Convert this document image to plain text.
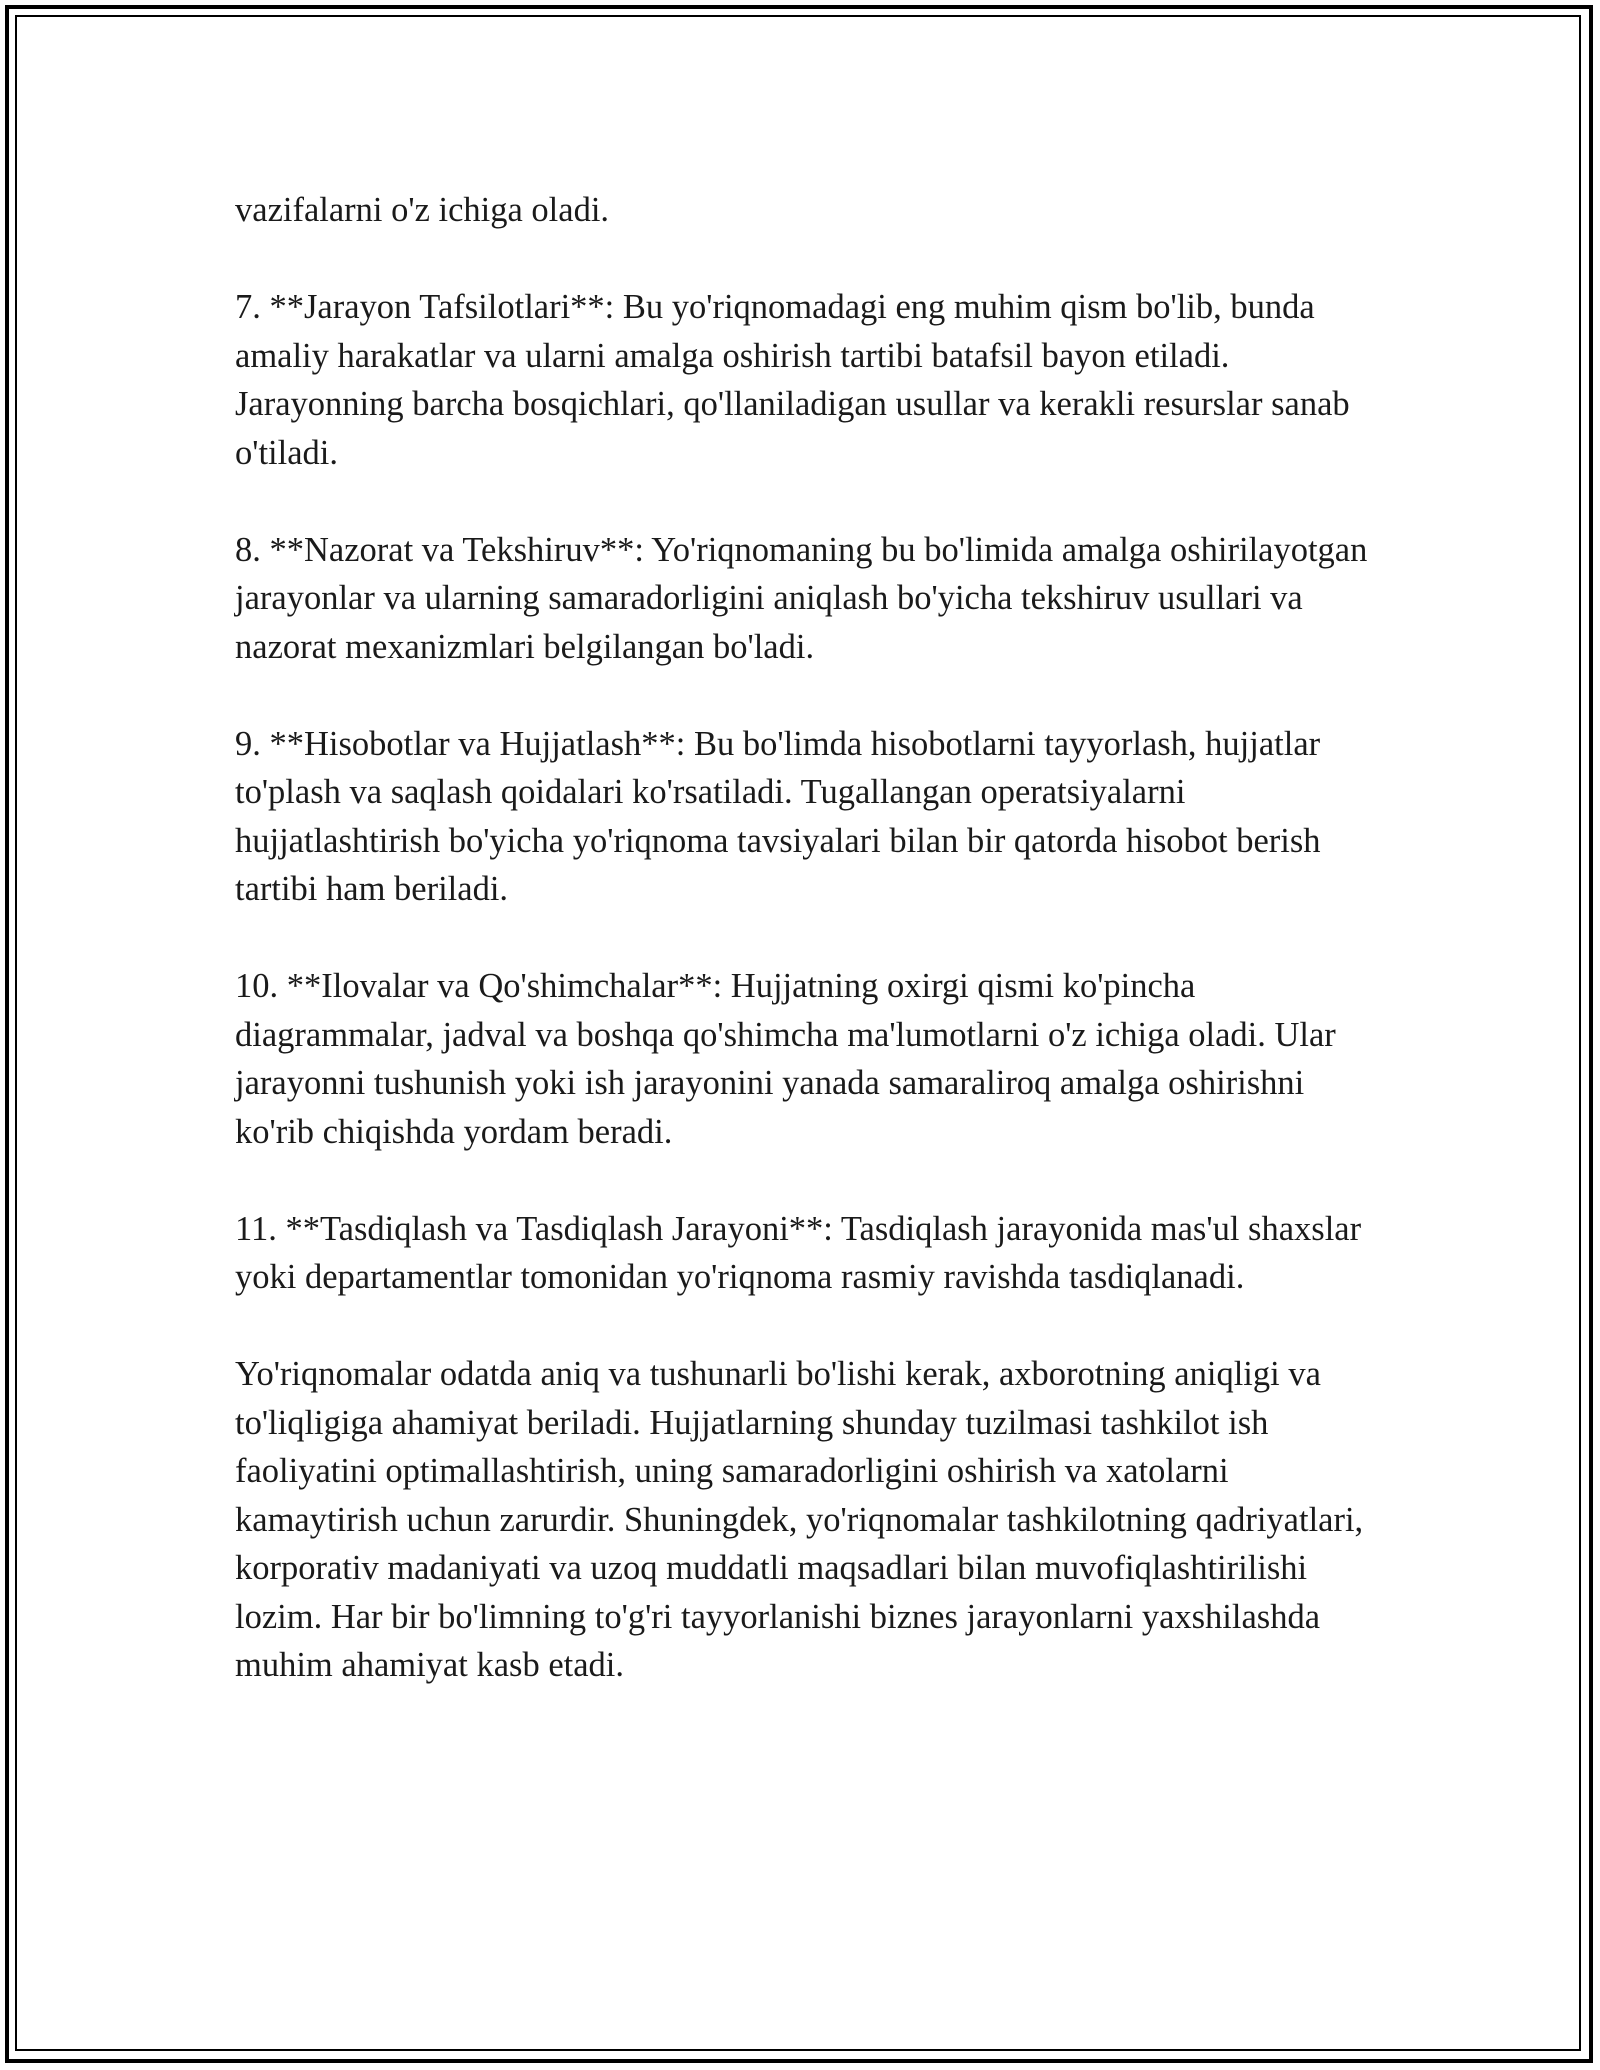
vazifalarni o'z ichiga oladi.

7. **Jarayon Tafsilotlari**: Bu yo'riqnomadagi eng muhim qism bo'lib, bunda amaliy harakatlar va ularni amalga oshirish tartibi batafsil bayon etiladi. Jarayonning barcha bosqichlari, qo'llaniladigan usullar va kerakli resurslar sanab o'tiladi.

8. **Nazorat va Tekshiruv**: Yo'riqnomaning bu bo'limida amalga oshirilayotgan jarayonlar va ularning samaradorligini aniqlash bo'yicha tekshiruv usullari va nazorat mexanizmlari belgilangan bo'ladi.

9. **Hisobotlar va Hujjatlash**: Bu bo'limda hisobotlarni tayyorlash, hujjatlar to'plash va saqlash qoidalari ko'rsatiladi. Tugallangan operatsiyalarni hujjatlashtirish bo'yicha yo'riqnoma tavsiyalari bilan bir qatorda hisobot berish tartibi ham beriladi.

10. **Ilovalar va Qo'shimchalar**: Hujjatning oxirgi qismi ko'pincha diagrammalar, jadval va boshqa qo'shimcha ma'lumotlarni o'z ichiga oladi. Ular jarayonni tushunish yoki ish jarayonini yanada samaraliroq amalga oshirishni ko'rib chiqishda yordam beradi.

11. **Tasdiqlash va Tasdiqlash Jarayoni**: Tasdiqlash jarayonida mas'ul shaxslar yoki departamentlar tomonidan yo'riqnoma rasmiy ravishda tasdiqlanadi.

Yo'riqnomalar odatda aniq va tushunarli bo'lishi kerak, axborotning aniqligi va to'liqligiga ahamiyat beriladi. Hujjatlarning shunday tuzilmasi tashkilot ish faoliyatini optimallashtirish, uning samaradorligini oshirish va xatolarni kamaytirish uchun zarurdir. Shuningdek, yo'riqnomalar tashkilotning qadriyatlari, korporativ madaniyati va uzoq muddatli maqsadlari bilan muvofiqlashtirilishi lozim. Har bir bo'limning to'g'ri tayyorlanishi biznes jarayonlarni yaxshilashda muhim ahamiyat kasb etadi.
